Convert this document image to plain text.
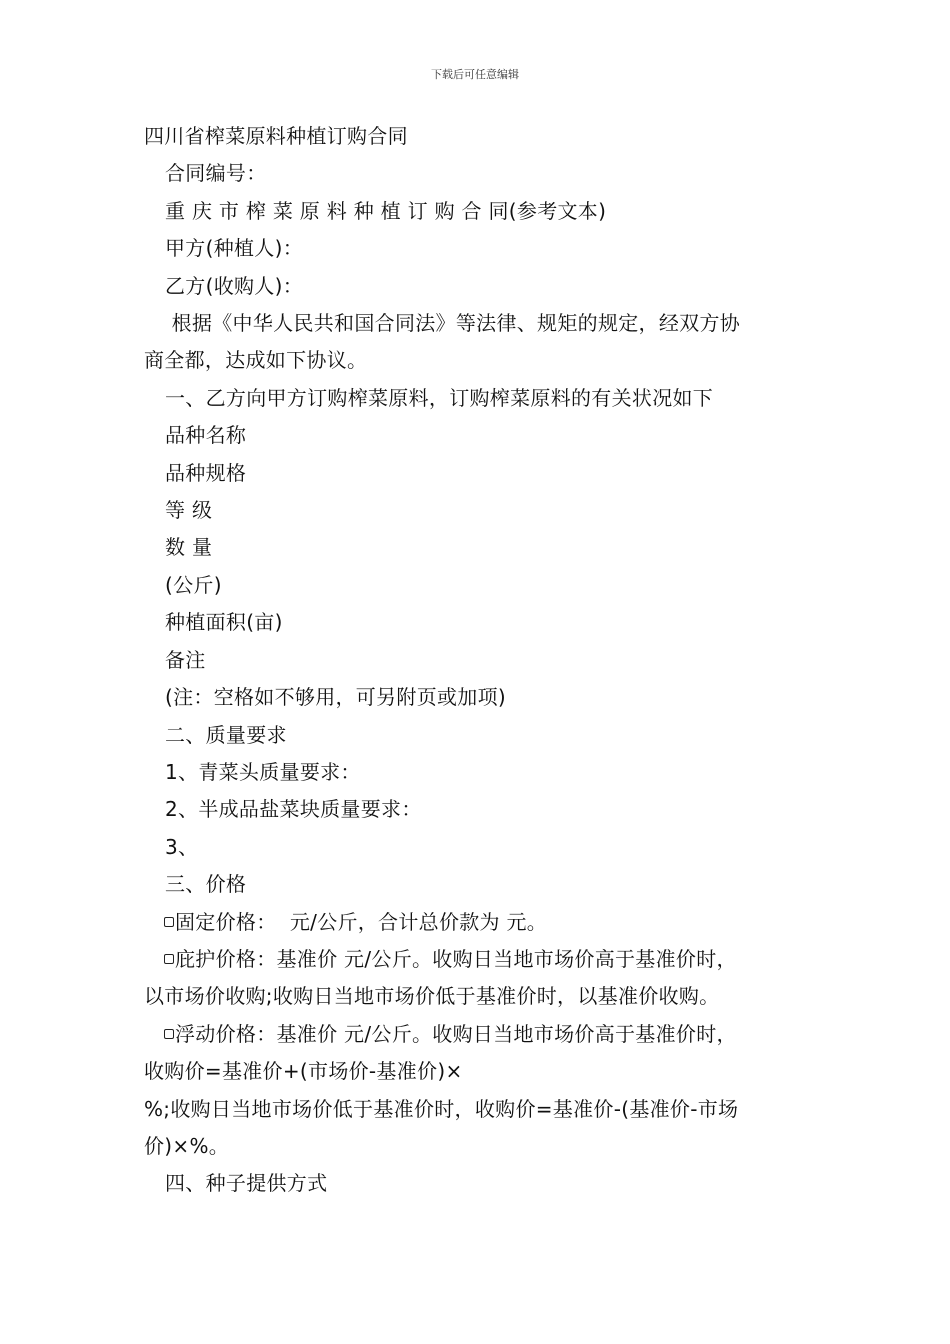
下载后可任意编辑

四川省榨菜原料种植订购合同

合同编号：

重 庆 市 榨 菜 原 料 种 植 订 购 合 同(参考文本)

甲方(种植人)：

乙方(收购人)：

根据《中华人民共和国合同法》等法律、规矩的规定，经双方协

商全都，达成如下协议。

一、乙方向甲方订购榨菜原料，订购榨菜原料的有关状况如下

品种名称

品种规格

等 级

数 量

(公斤)

种植面积(亩)

备注

(注：空格如不够用，可另附页或加项)

二、质量要求

1、青菜头质量要求：

2、半成品盐菜块质量要求：

3、

三、价格

固定价格：  元/公斤，合计总价款为 元。

庇护价格：基准价 元/公斤。收购日当地市场价高于基准价时，

以市场价收购;收购日当地市场价低于基准价时，以基准价收购。

浮动价格：基准价 元/公斤。收购日当地市场价高于基准价时，

收购价=基准价+(市场价-基准价)×

%;收购日当地市场价低于基准价时，收购价=基准价-(基准价-市场

价)×%。

四、种子提供方式
